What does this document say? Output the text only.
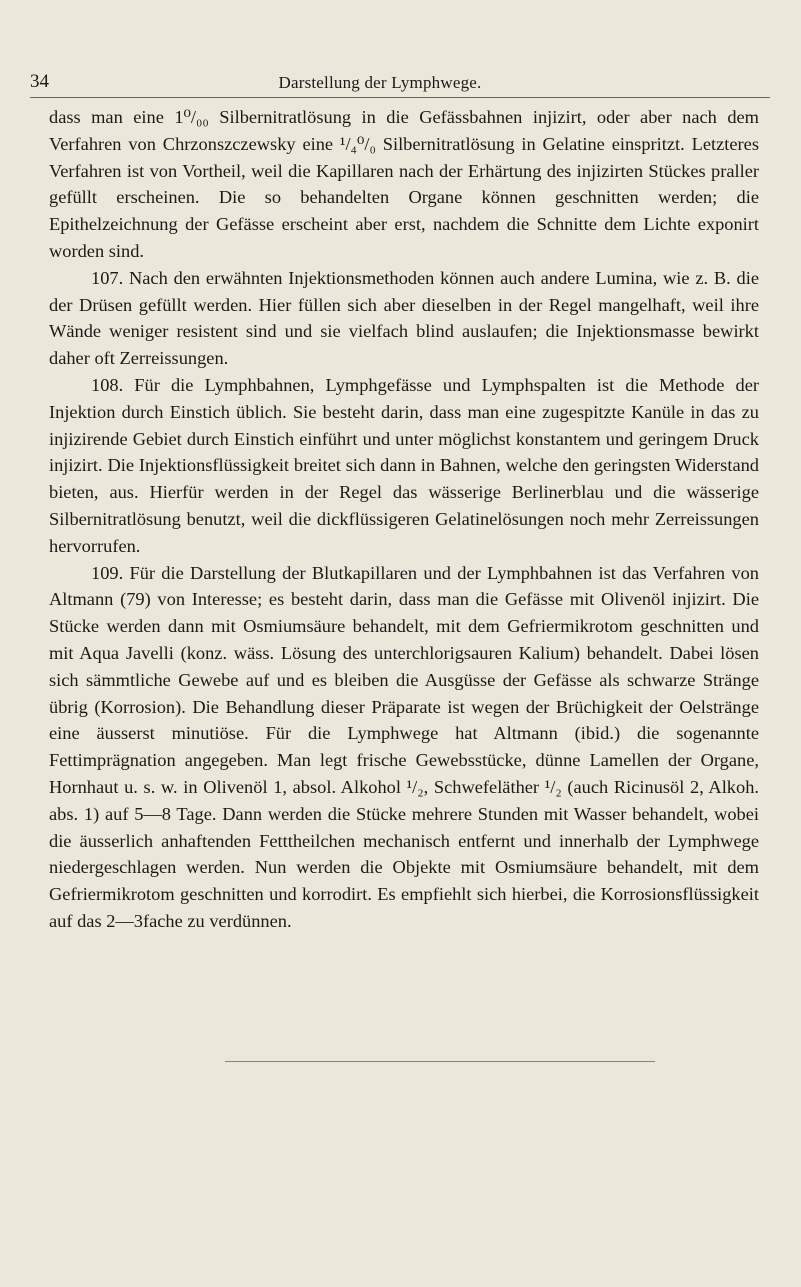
34	Darstellung der Lymphwege.

dass man eine 1⁰/₀₀ Silbernitratlösung in die Gefässbahnen injizirt, oder aber nach dem Verfahren von Chrzonszczewsky eine ¹/₄⁰/₀ Silbernitratlösung in Gelatine einspritzt. Letzteres Verfahren ist von Vortheil, weil die Kapillaren nach der Erhärtung des injizirten Stückes praller gefüllt erscheinen. Die so behandelten Organe können geschnitten werden; die Epithelzeichnung der Gefässe erscheint aber erst, nachdem die Schnitte dem Lichte exponirt worden sind.

107. Nach den erwähnten Injektionsmethoden können auch andere Lumina, wie z. B. die der Drüsen gefüllt werden. Hier füllen sich aber dieselben in der Regel mangelhaft, weil ihre Wände weniger resistent sind und sie vielfach blind auslaufen; die Injektionsmasse bewirkt daher oft Zerreissungen.

108. Für die Lymphbahnen, Lymphgefässe und Lymphspalten ist die Methode der Injektion durch Einstich üblich. Sie besteht darin, dass man eine zugespitzte Kanüle in das zu injizirende Gebiet durch Einstich einführt und unter möglichst konstantem und geringem Druck injizirt. Die Injektionsflüssigkeit breitet sich dann in Bahnen, welche den geringsten Widerstand bieten, aus. Hierfür werden in der Regel das wässerige Berlinerblau und die wässerige Silbernitratlösung benutzt, weil die dickflüssigeren Gelatinelösungen noch mehr Zerreissungen hervorrufen.

109. Für die Darstellung der Blutkapillaren und der Lymphbahnen ist das Verfahren von Altmann (79) von Interesse; es besteht darin, dass man die Gefässe mit Olivenöl injizirt. Die Stücke werden dann mit Osmiumsäure behandelt, mit dem Gefriermikrotom geschnitten und mit Aqua Javelli (konz. wäss. Lösung des unterchlorigsauren Kalium) behandelt. Dabei lösen sich sämmtliche Gewebe auf und es bleiben die Ausgüsse der Gefässe als schwarze Stränge übrig (Korrosion). Die Behandlung dieser Präparate ist wegen der Brüchigkeit der Oelstränge eine äusserst minutiöse. Für die Lymphwege hat Altmann (ibid.) die sogenannte Fettimprägnation angegeben. Man legt frische Gewebsstücke, dünne Lamellen der Organe, Hornhaut u. s. w. in Olivenöl 1, absol. Alkohol ¹/₂, Schwefeläther ¹/₂ (auch Ricinusöl 2, Alkoh. abs. 1) auf 5—8 Tage. Dann werden die Stücke mehrere Stunden mit Wasser behandelt, wobei die äusserlich anhaftenden Fetttheilchen mechanisch entfernt und innerhalb der Lymphwege niedergeschlagen werden. Nun werden die Objekte mit Osmiumsäure behandelt, mit dem Gefriermikrotom geschnitten und korrodirt. Es empfiehlt sich hierbei, die Korrosionsflüssigkeit auf das 2—3fache zu verdünnen.
